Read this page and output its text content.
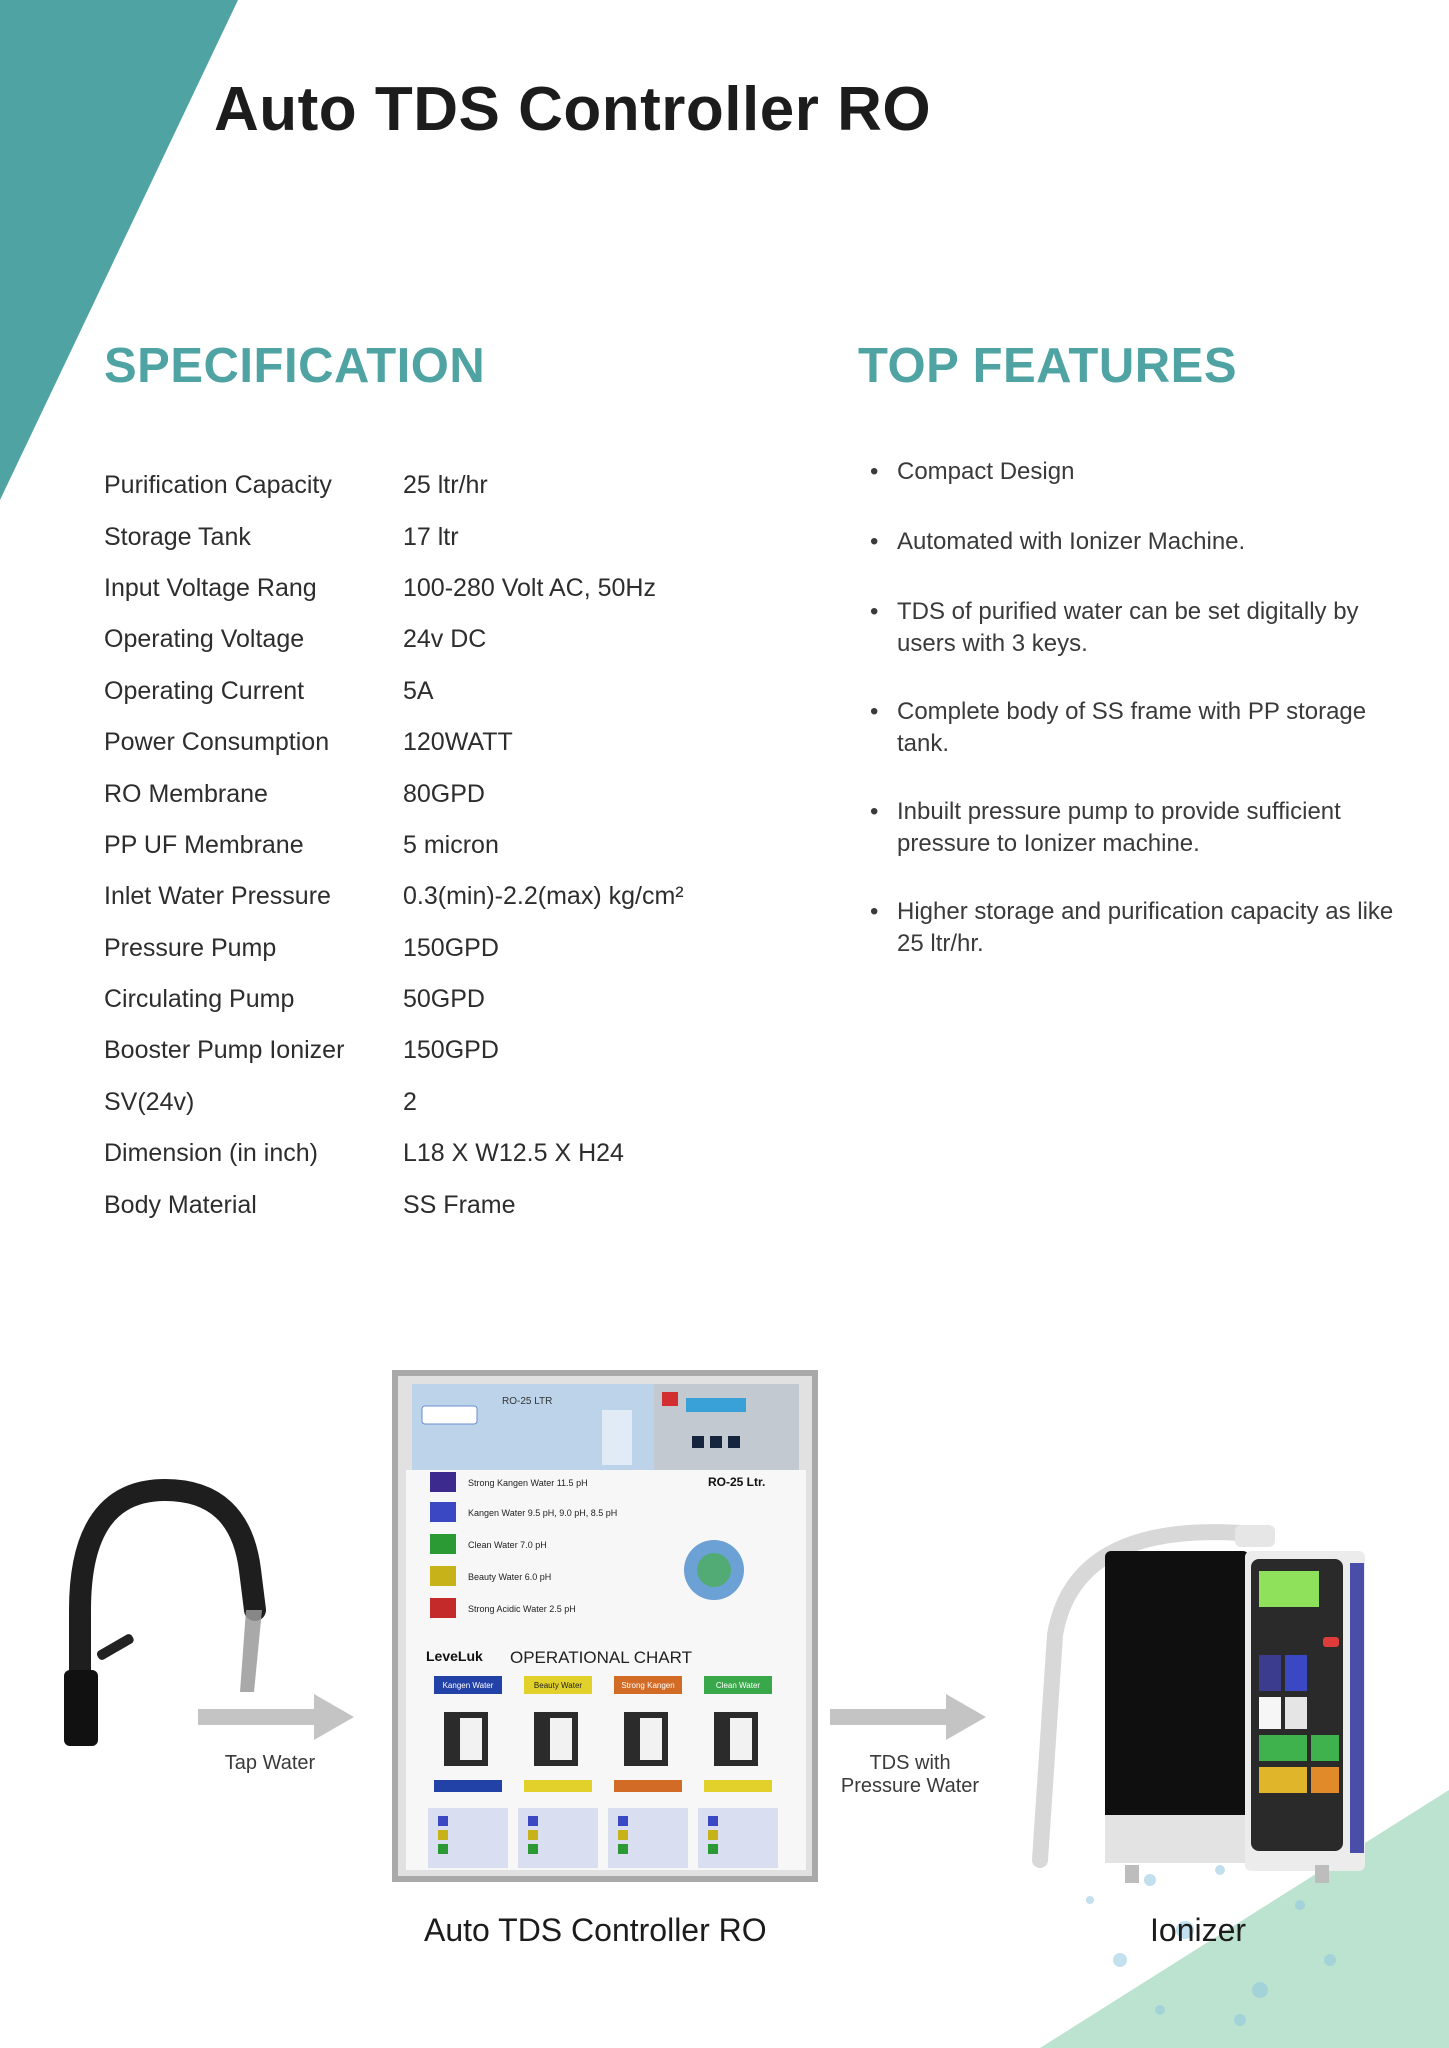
Auto TDS Controller RO
SPECIFICATION	TOP FEATURES
Purification Capacity	25 ltr/hr
Storage Tank	17 ltr
Input Voltage Rang	100-280 Volt AC, 50Hz
Operating Voltage	24v DC
Operating Current	5A
Power Consumption	120WATT
RO Membrane	80GPD
PP UF Membrane	5 micron
Inlet Water Pressure	0.3(min)-2.2(max) kg/cm²
Pressure Pump	150GPD
Circulating Pump	50GPD
Booster Pump Ionizer	150GPD
SV(24v)	2
Dimension (in inch)	L18 X W12.5 X H24
Body Material	SS Frame
• Compact Design
• Automated with Ionizer Machine.
• TDS of purified water can be set digitally by users with 3 keys.
• Complete body of SS frame with PP storage tank.
• Inbuilt pressure pump to provide sufficient pressure to Ionizer machine.
• Higher storage and purification capacity as like 25 ltr/hr.
Tap Water	TDS with
Pressure Water
RO-25 LTR
Strong Kangen Water 11.5 pH
Kangen Water 9.5 pH, 9.0 pH, 8.5 pH
Clean Water 7.0 pH
Beauty Water 6.0 pH
Strong Acidic Water 2.5 pH
RO-25 Ltr.
LeveLuk OPERATIONAL CHART
Kangen Water	Beauty Water	Strong Kangen	Clean Water
Auto TDS Controller RO	Ionizer
